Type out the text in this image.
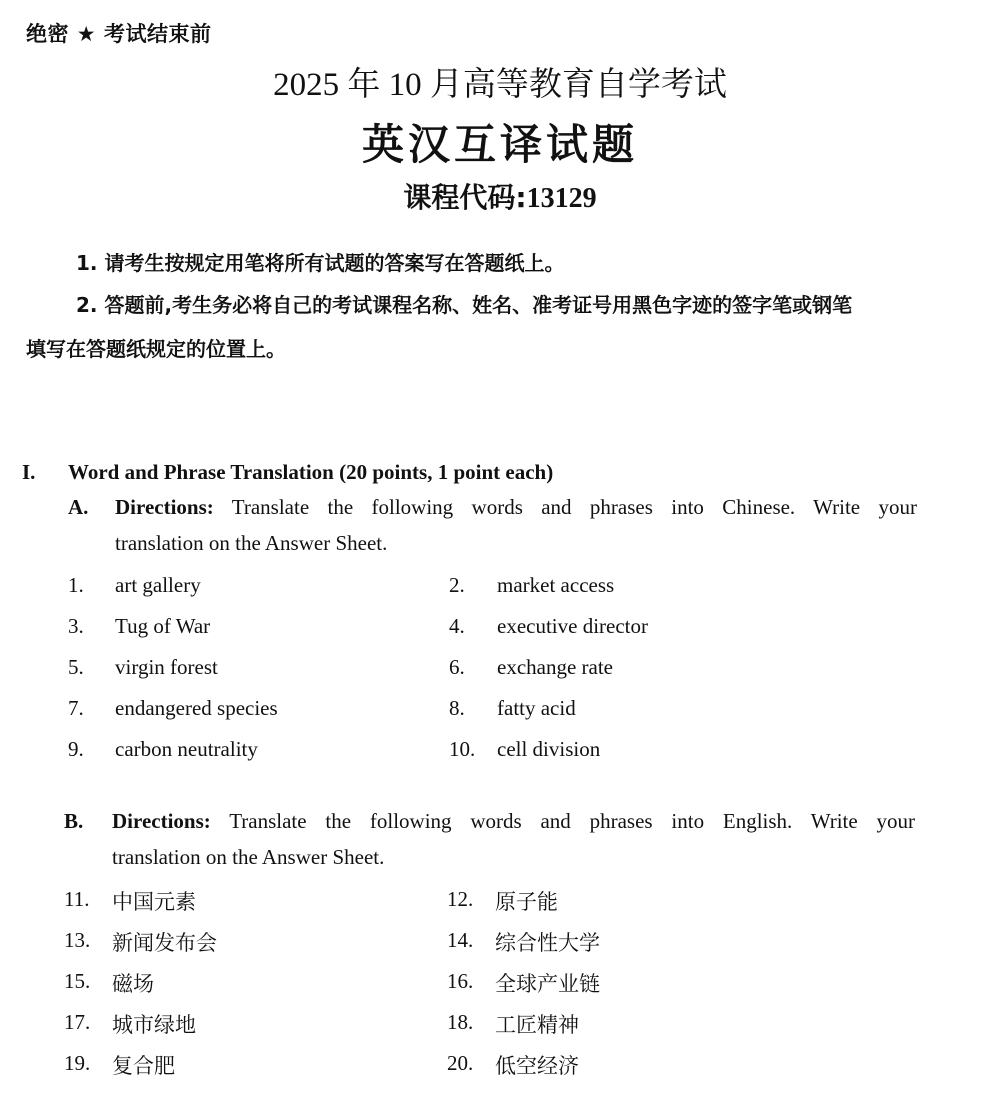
绝密 ★ 考试结束前
2025 年 10 月高等教育自学考试
英汉互译试题
课程代码:13129
1. 请考生按规定用笔将所有试题的答案写在答题纸上。
2. 答题前,考生务必将自己的考试课程名称、姓名、准考证号用黑色字迹的签字笔或钢笔
填写在答题纸规定的位置上。
I. Word and Phrase Translation (20 points, 1 point each)
A. Directions: Translate the following words and phrases into Chinese. Write your
translation on the Answer Sheet.
1. art gallery	2. market access
3. Tug of War	4. executive director
5. virgin forest	6. exchange rate
7. endangered species	8. fatty acid
9. carbon neutrality	10. cell division
B. Directions: Translate the following words and phrases into English. Write your
translation on the Answer Sheet.
11. 中国元素	12. 原子能
13. 新闻发布会	14. 综合性大学
15. 磁场	16. 全球产业链
17. 城市绿地	18. 工匠精神
19. 复合肥	20. 低空经济
